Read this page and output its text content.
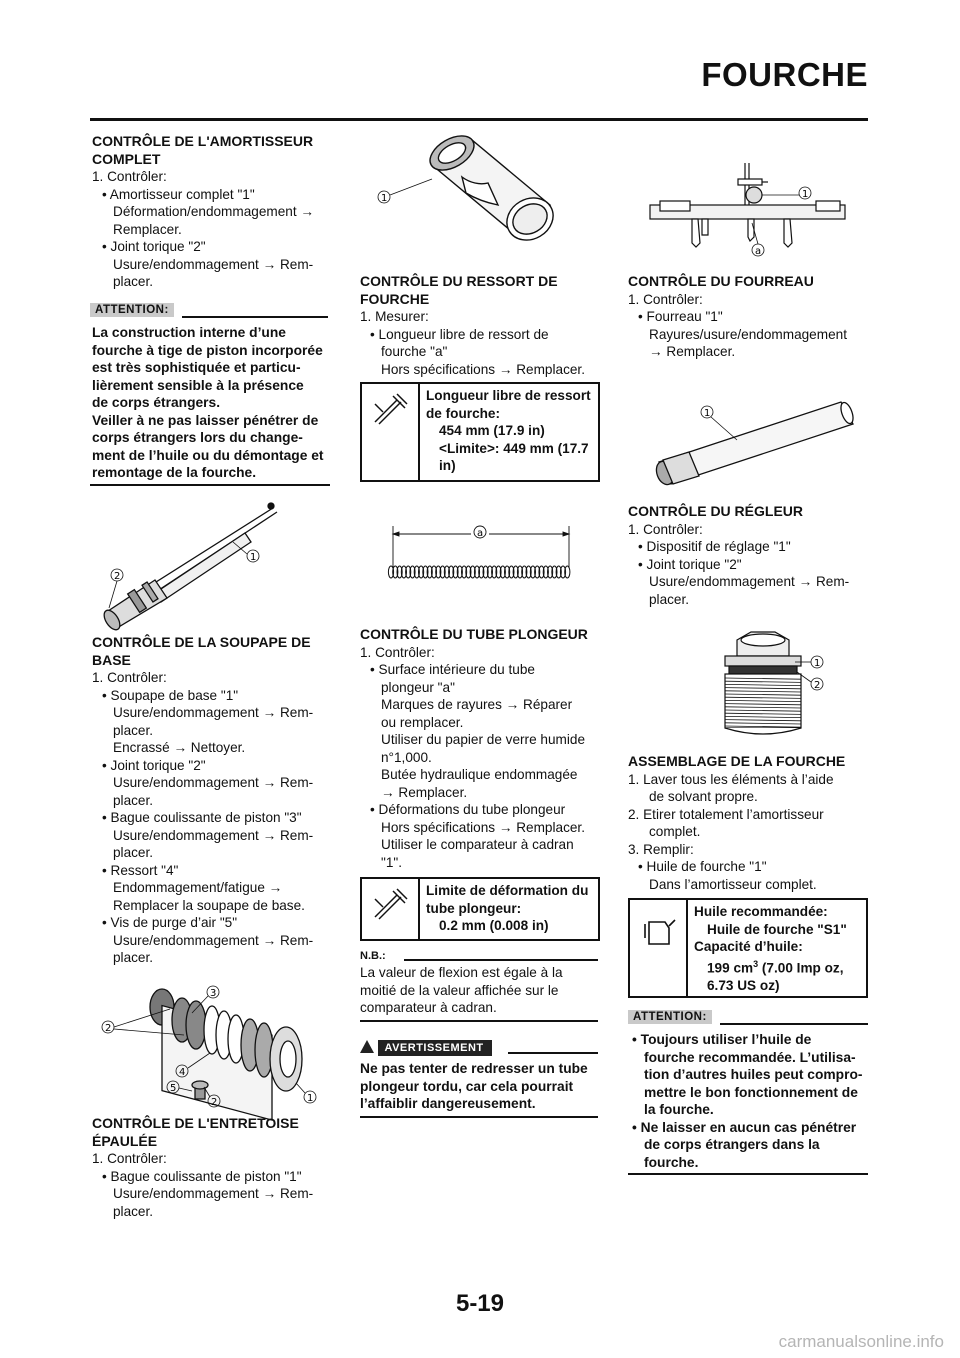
FOURCHE
CONTRÔLE DE L'AMORTISSEUR
COMPLET
1. Contrôler:
• Amortisseur complet "1"
Déformation/endommagement →
Remplacer.
• Joint torique "2"
Usure/endommagement → Rem-
placer.
ATTENTION:
La construction interne d’une
fourche à tige de piston incorporée
est très sophistiquée et particu-
lièrement sensible à la présence
de corps étrangers.
Veiller à ne pas laisser pénétrer de
corps étrangers lors du change-
ment de l’huile ou du démontage et
remontage de la fourche.
1
2
CONTRÔLE DE LA SOUPAPE DE
BASE
1. Contrôler:
• Soupape de base "1"
Usure/endommagement → Rem-
placer.
Encrassé → Nettoyer.
• Joint torique "2"
Usure/endommagement → Rem-
placer.
• Bague coulissante de piston "3"
Usure/endommagement → Rem-
placer.
• Ressort "4"
Endommagement/fatigue →
Remplacer la soupape de base.
• Vis de purge d’air "5"
Usure/endommagement → Rem-
placer.
3
2
4
5
2	1
CONTRÔLE DE L'ENTRETOISE
ÉPAULÉE
1. Contrôler:
• Bague coulissante de piston "1"
Usure/endommagement → Rem-
placer.
1
CONTRÔLE DU RESSORT DE
FOURCHE
1. Mesurer:
• Longueur libre de ressort de
fourche "a"
Hors spécifications → Remplacer.
Longueur libre de ressort
de fourche:
454 mm (17.9 in)
<Limite>: 449 mm (17.7
in)
a
CONTRÔLE DU TUBE PLONGEUR
1. Contrôler:
• Surface intérieure du tube
plongeur "a"
Marques de rayures → Réparer
ou remplacer.
Utiliser du papier de verre humide
n°1,000.
Butée hydraulique endommagée
→ Remplacer.
• Déformations du tube plongeur
Hors spécifications → Remplacer.
Utiliser le comparateur à cadran
"1".
Limite de déformation du
tube plongeur:
0.2 mm (0.008 in)
N.B.:
La valeur de flexion est égale à la
moitié de la valeur affichée sur le
comparateur à cadran.
AVERTISSEMENT
Ne pas tenter de redresser un tube
plongeur tordu, car cela pourrait
l’affaiblir dangereusement.
1
a
CONTRÔLE DU FOURREAU
1. Contrôler:
• Fourreau "1"
Rayures/usure/endommagement
→ Remplacer.
1
CONTRÔLE DU RÉGLEUR
1. Contrôler:
• Dispositif de réglage "1"
• Joint torique "2"
Usure/endommagement → Rem-
placer.
1
2
ASSEMBLAGE DE LA FOURCHE
1. Laver tous les éléments à l’aide
de solvant propre.
2. Etirer totalement l’amortisseur
complet.
3. Remplir:
• Huile de fourche "1"
Dans l’amortisseur complet.
Huile recommandée:
Huile de fourche "S1"
Capacité d’huile:
199 $cm^3$ (7.00 Imp oz,
6.73 US oz)
ATTENTION:
• Toujours utiliser l’huile de
fourche recommandée. L’utilisa-
tion d’autres huiles peut compro-
mettre le bon fonctionnement de
la fourche.
• Ne laisser en aucun cas pénétrer
de corps étrangers dans la
fourche.
5-19
carmanualsonline.info
